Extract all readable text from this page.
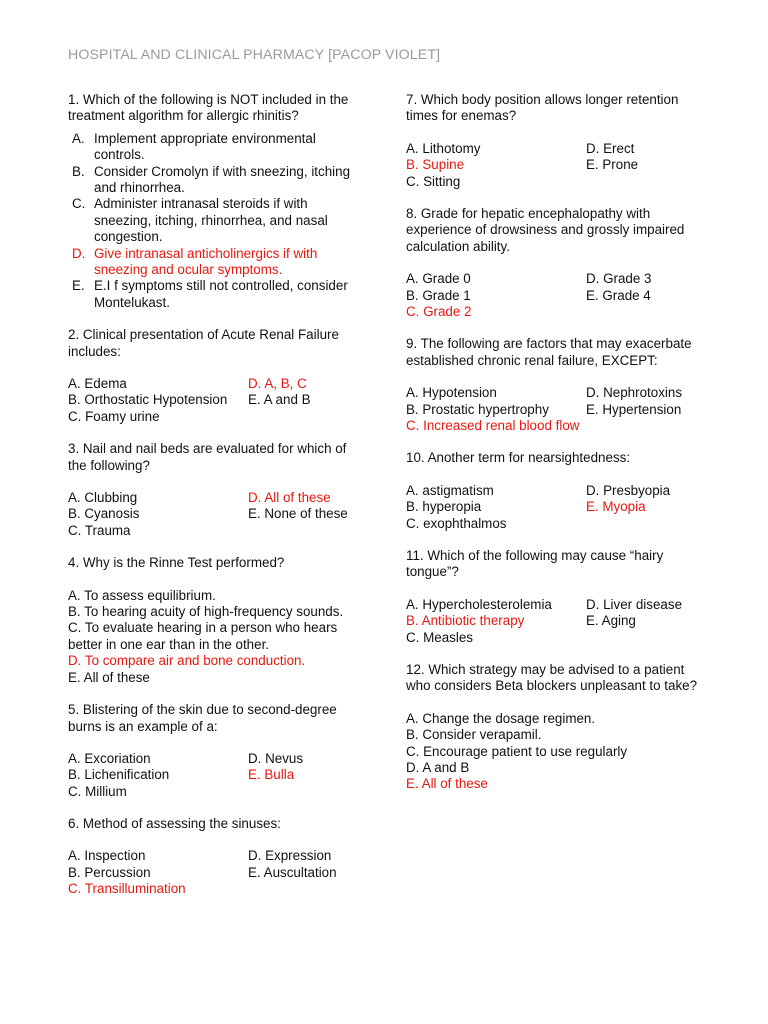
HOSPITAL AND CLINICAL PHARMACY [PACOP VIOLET]
1. Which of the following is NOT included in the treatment algorithm for allergic rhinitis?
A. Implement appropriate environmental controls.
B. Consider Cromolyn if with sneezing, itching and rhinorrhea.
C. Administer intranasal steroids if with sneezing, itching, rhinorrhea, and nasal congestion.
D. Give intranasal anticholinergics if with sneezing and ocular symptoms.
E. E.I f symptoms still not controlled, consider Montelukast.
2. Clinical presentation of Acute Renal Failure includes:
A. Edema	D. A, B, C
B. Orthostatic Hypotension	E. A and B
C. Foamy urine
3. Nail and nail beds are evaluated for which of the following?
A. Clubbing	D. All of these
B. Cyanosis	E. None of these
C. Trauma
4. Why is the Rinne Test performed?
A. To assess equilibrium.
B. To hearing acuity of high-frequency sounds.
C. To evaluate hearing in a person who hears better in one ear than in the other.
D. To compare air and bone conduction.
E. All of these
5. Blistering of the skin due to second-degree burns is an example of a:
A. Excoriation	D. Nevus
B. Lichenification	E. Bulla
C. Millium
6. Method of assessing the sinuses:
A. Inspection	D. Expression
B. Percussion	E. Auscultation
C. Transillumination
7. Which body position allows longer retention times for enemas?
A. Lithotomy	D. Erect
B. Supine	E. Prone
C. Sitting
8. Grade for hepatic encephalopathy with experience of drowsiness and grossly impaired calculation ability.
A. Grade 0	D. Grade 3
B. Grade 1	E. Grade 4
C. Grade 2
9. The following are factors that may exacerbate established chronic renal failure, EXCEPT:
A. Hypotension	D. Nephrotoxins
B. Prostatic hypertrophy	E. Hypertension
C. Increased renal blood flow
10. Another term for nearsightedness:
A. astigmatism	D. Presbyopia
B. hyperopia	E. Myopia
C. exophthalmos
11. Which of the following may cause “hairy tongue”?
A. Hypercholesterolemia	D. Liver disease
B. Antibiotic therapy	E. Aging
C. Measles
12. Which strategy may be advised to a patient who considers Beta blockers unpleasant to take?
A. Change the dosage regimen.
B. Consider verapamil.
C. Encourage patient to use regularly
D. A and B
E. All of these
